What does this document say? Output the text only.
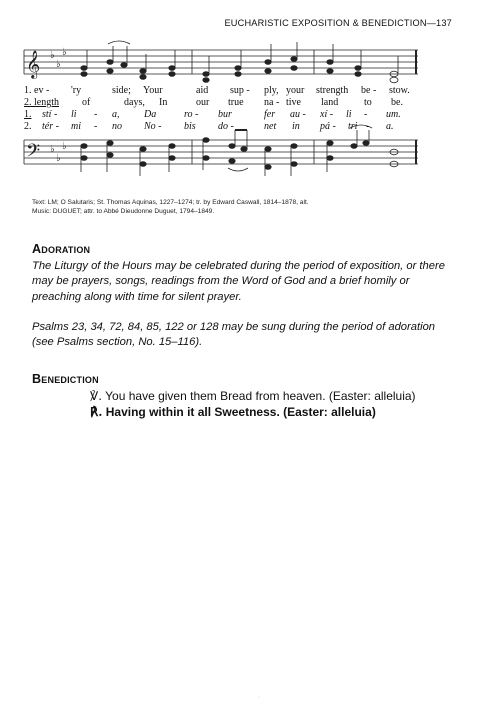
EUCHARISTIC EXPOSITION & BENEDICTION—137
𝄞 ♭
♭
♭
𝄢 ♭
♭
♭
1. ev - 'ry	side; Your	aid sup - ply, your strength be - stow.
2. length of	days, In	our true na - tive land	to be.
1. stí - li - a, Da	ro - bur	fer au - xí - li - um.
2. tér - mi - no No - bis do -	net in pá - tri - a.
Text: LM; O Salutaris; St. Thomas Aquinas, 1227–1274; tr. by Edward Caswall, 1814–1878, alt.
Music: DUGUET; attr. to Abbé Dieudonne Duguet, 1794–1849.
Adoration
The Liturgy of the Hours may be celebrated during the period of exposition, or there may be prayers, songs, readings from the Word of God and a brief homily or preaching along with time for silent prayer.
Psalms 23, 34, 72, 84, 85, 122 or 128 may be sung during the period of adoration (see Psalms section, No. 15–116).
Benediction
℣. You have given them Bread from heaven. (Easter: alleluia)
℟. Having within it all Sweetness. (Easter: alleluia)
ˌ
